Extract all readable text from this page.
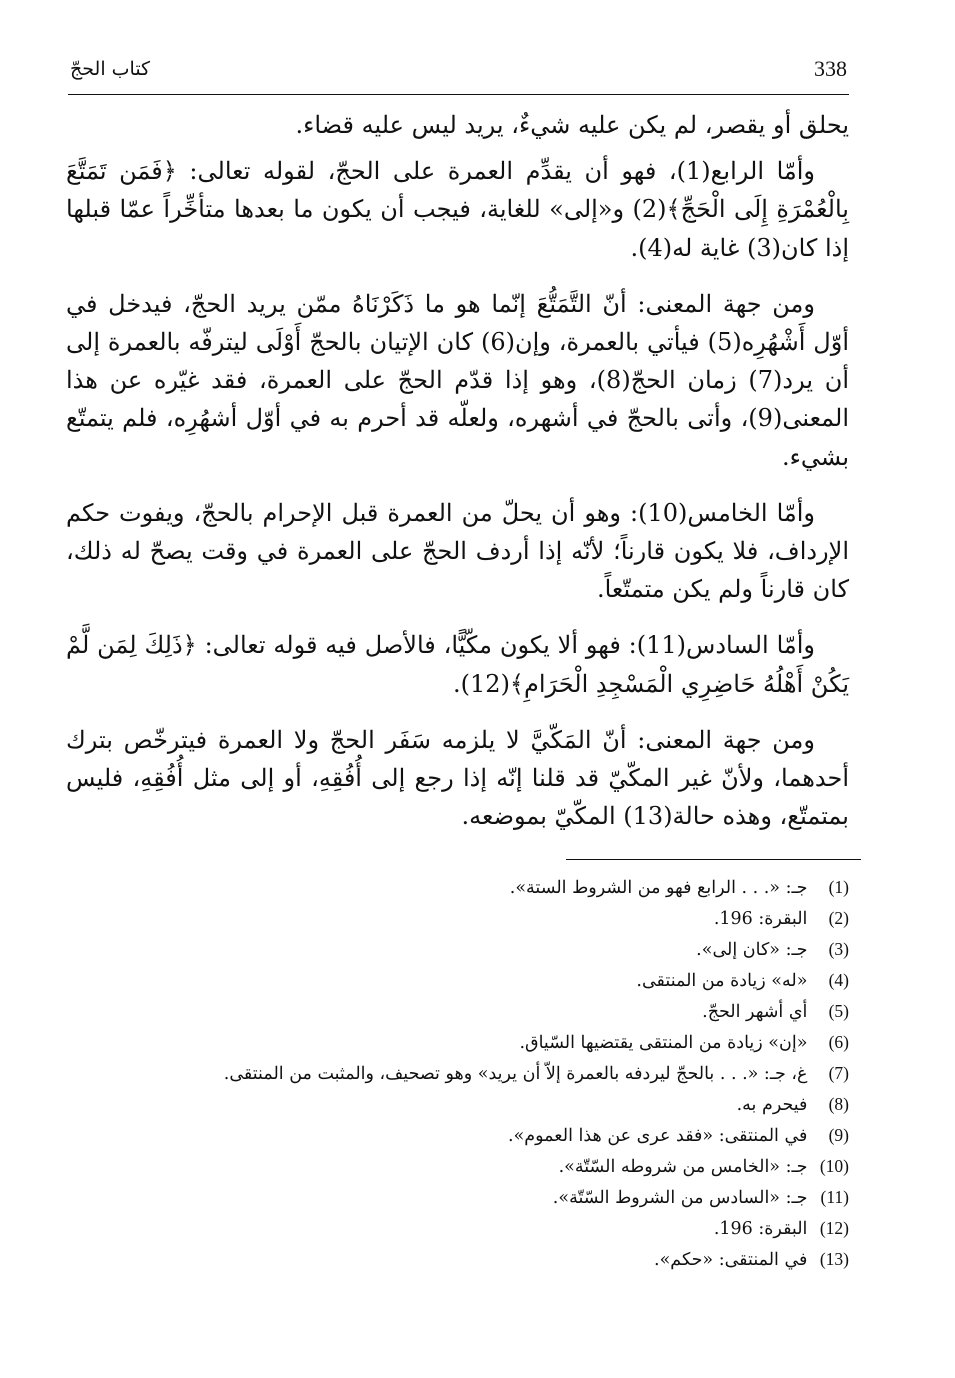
338
كتاب الحجّ

يحلق أو يقصر، لم يكن عليه شيءٌ، يريد ليس عليه قضاء.

وأمّا الرابع(1)، فهو أن يقدِّم العمرة على الحجّ، لقوله تعالى: ﴿فَمَن تَمَتَّعَ بِالْعُمْرَةِ إِلَى الْحَجِّ﴾(2) و«إلى» للغاية، فيجب أن يكون ما بعدها متأخِّراً عمّا قبلها إذا كان(3) غاية له(4).

ومن جهة المعنى: أنّ التَّمَتُّعَ إنّما هو ما ذَكَرْنَاهُ ممّن يريد الحجّ، فيدخل في أوّل أَشْهُرِه(5) فيأتي بالعمرة، وإن(6) كان الإتيان بالحجّ أَوْلَى ليترفّه بالعمرة إلى أن يرد(7) زمان الحجّ(8)، وهو إذا قدّم الحجّ على العمرة، فقد غيّره عن هذا المعنى(9)، وأتى بالحجّ في أشهره، ولعلّه قد أحرم به في أوّل أشهُرِه، فلم يتمتّع بشيء.

وأمّا الخامس(10): وهو أن يحلّ من العمرة قبل الإحرام بالحجّ، ويفوت حكم الإرداف، فلا يكون قارناً؛ لأنّه إذا أردف الحجّ على العمرة في وقت يصحّ له ذلك، كان قارناً ولم يكن متمتّعاً.

وأمّا السادس(11): فهو ألا يكون مكّيًّا، فالأصل فيه قوله تعالى: ﴿ذَلِكَ لِمَن لَّمْ يَكُنْ أَهْلُهُ حَاضِرِي الْمَسْجِدِ الْحَرَامِ﴾(12).

ومن جهة المعنى: أنّ المَكّيَّ لا يلزمه سَفَر الحجّ ولا العمرة فيترخّص بترك أحدهما، ولأنّ غير المكّيّ قد قلنا إنّه إذا رجع إلى أُفُقِهِ، أو إلى مثل أُفُقِهِ، فليس بمتمتّع، وهذه حالة(13) المكّيّ بموضعه.

(1) جـ: «. . . الرابع فهو من الشروط الستة».
(2) البقرة: 196.
(3) جـ: «كان إلى».
(4) «له» زيادة من المنتقى.
(5) أي أشهر الحجّ.
(6) «إن» زيادة من المنتقى يقتضيها السّياق.
(7) غ، جـ: «. . . بالحجّ ليردفه بالعمرة إلاّ أن يريد» وهو تصحيف، والمثبت من المنتقى.
(8) فيحرم به.
(9) في المنتقى: «فقد عرى عن هذا العموم».
(10) جـ: «الخامس من شروطه السّتّة».
(11) جـ: «السادس من الشروط السّتّة».
(12) البقرة: 196.
(13) في المنتقى: «حكم».
